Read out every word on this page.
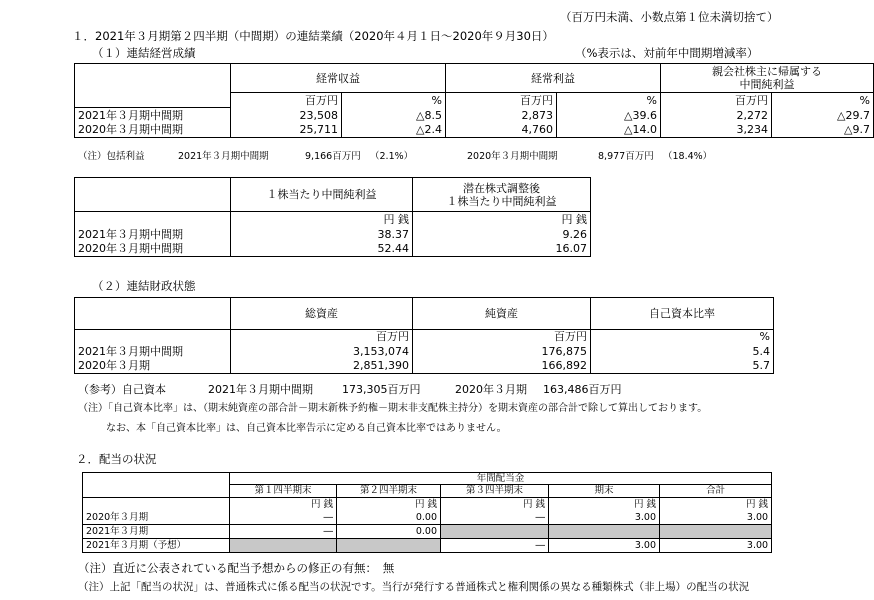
（百万円未満、小数点第１位未満切捨て）
１．2021年３月期第２四半期（中間期）の連結業績（2020年４月１日～2020年９月30日）
（１）連結経営成績	（%表示は、対前年中間期増減率）
	経常収益		経常利益		親会社株主に帰属する
中間純利益	

	百万円	%	百万円	%	百万円	%
2021年３月期中間期	23,508	△8.5	2,873	△39.6	2,272	△29.7
2020年３月期中間期	25,711	△2.4	4,760	△14.0	3,234	△9.7
（注）包括利益	2021年３月期中間期	9,166百万円 （2.1%）	2020年３月期中間期	8,977百万円 （18.4%）
	１株当たり中間純利益	潜在株式調整後
１株当たり中間純利益

	円 銭	円 銭
2021年３月期中間期	38.37	9.26
2020年３月期中間期	52.44	16.07
（２）連結財政状態
	総資産	純資産	自己資本比率
	百万円	百万円	%
2021年３月期中間期	3,153,074	176,875	5.4
2020年３月期	2,851,390	166,892	5.7
（参考）自己資本	2021年３月期中間期	173,305百万円	2020年３月期 163,486百万円
（注）「自己資本比率」は、（期末純資産の部合計－期末新株予約権－期末非支配株主持分）を期末資産の部合計で除して算出しております。
なお、本「自己資本比率」は、自己資本比率告示に定める自己資本比率ではありません。
２．配当の状況
	年間配当金				
	第１四半期末	第２四半期末	第３四半期末	期末	合計
	円 銭	円 銭	円 銭	円 銭	円 銭
2020年３月期	―	0.00	―	3.00	3.00
2021年３月期	―	0.00			
2021年３月期（予想）			―	3.00	3.00
（注）直近に公表されている配当予想からの修正の有無：　無
（注）上記「配当の状況」は、普通株式に係る配当の状況です。当行が発行する普通株式と権利関係の異なる種類株式（非上場）の配当の状況
